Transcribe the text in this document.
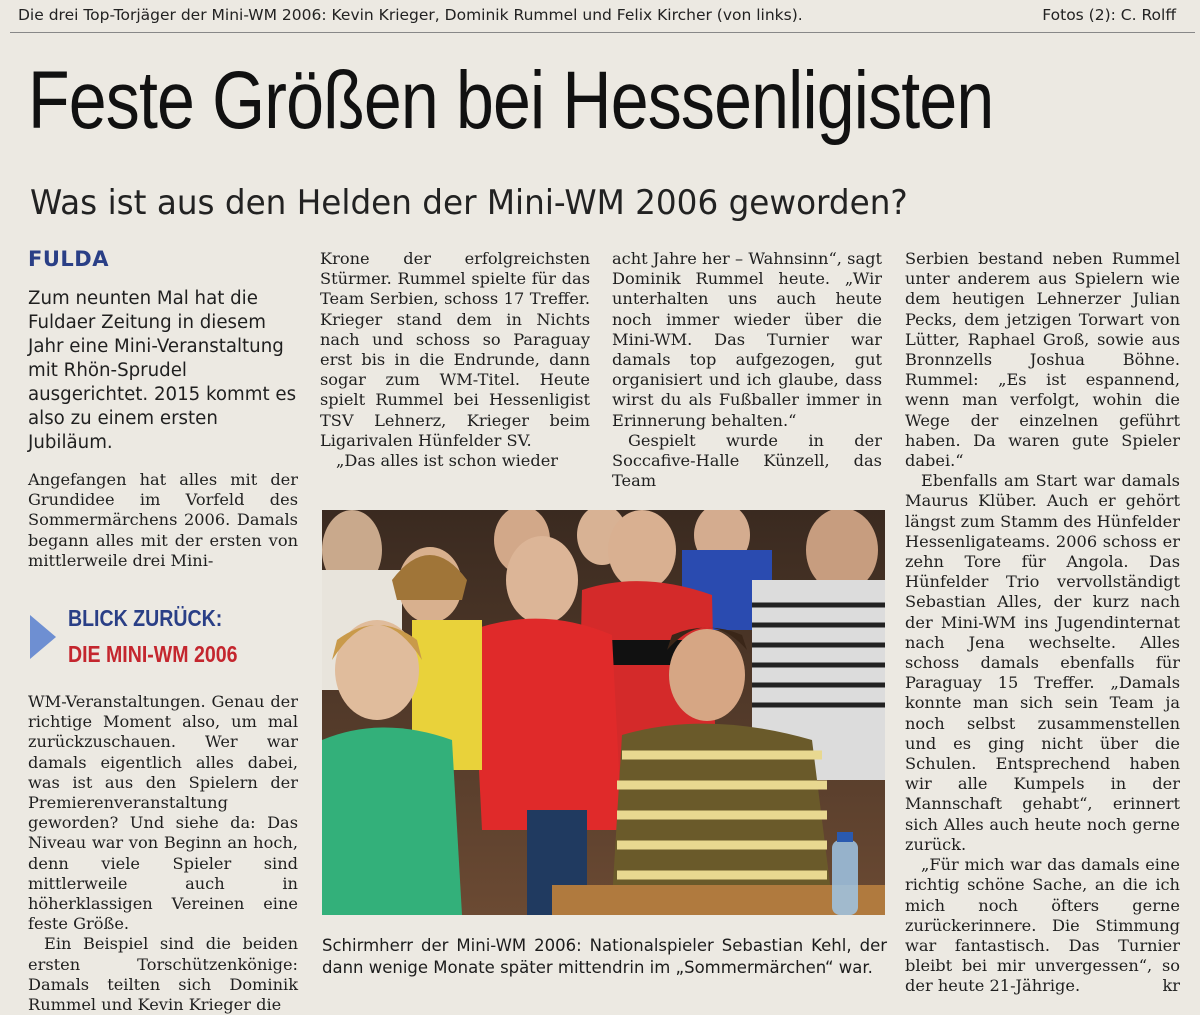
Die drei Top-Torjäger der Mini-WM 2006: Kevin Krieger, Dominik Rummel und Felix Kircher (von links).	Fotos (2): C. Rolff
Feste Größen bei Hessenligisten
Was ist aus den Helden der Mini-WM 2006 geworden?
FULDA

Zum neunten Mal hat die Fuldaer Zeitung in diesem Jahr eine Mini-Veranstaltung mit Rhön-Sprudel ausgerichtet. 2015 kommt es also zu einem ersten Jubiläum.

Angefangen hat alles mit der Grundidee im Vorfeld des Sommermärchens 2006. Damals begann alles mit der ersten von mittlerweile drei Mini-

BLICK ZURÜCK:
DIE MINI-WM 2006

WM-Veranstaltungen. Genau der richtige Moment also, um mal zurückzuschauen. Wer war damals eigentlich alles dabei, was ist aus den Spielern der Premierenveranstaltung geworden? Und siehe da: Das Niveau war von Beginn an hoch, denn viele Spieler sind mittlerweile auch in höherklassigen Vereinen eine feste Größe.

Ein Beispiel sind die beiden ersten Torschützenkönige: Damals teilten sich Dominik Rummel und Kevin Krieger die

Krone der erfolgreichsten Stürmer. Rummel spielte für das Team Serbien, schoss 17 Treffer. Krieger stand dem in Nichts nach und schoss so Paraguay erst bis in die Endrunde, dann sogar zum WM-Titel. Heute spielt Rummel bei Hessenligist TSV Lehnerz, Krieger beim Ligarivalen Hünfelder SV.

„Das alles ist schon wieder

acht Jahre her – Wahnsinn“, sagt Dominik Rummel heute. „Wir unterhalten uns auch heute noch immer wieder über die Mini-WM. Das Turnier war damals top aufgezogen, gut organisiert und ich glaube, dass wirst du als Fußballer immer in Erinnerung behalten.“

Gespielt wurde in der Soccafive-Halle Künzell, das Team

Serbien bestand neben Rummel unter anderem aus Spielern wie dem heutigen Lehnerzer Julian Pecks, dem jetzigen Torwart von Lütter, Raphael Groß, sowie aus Bronnzells Joshua Böhne. Rummel: „Es ist espannend, wenn man verfolgt, wohin die Wege der einzelnen geführt haben. Da waren gute Spieler dabei.“

Ebenfalls am Start war damals Maurus Klüber. Auch er gehört längst zum Stamm des Hünfelder Hessenligateams. 2006 schoss er zehn Tore für Angola. Das Hünfelder Trio vervollständigt Sebastian Alles, der kurz nach der Mini-WM ins Jugendinternat nach Jena wechselte. Alles schoss damals ebenfalls für Paraguay 15 Treffer. „Damals konnte man sich sein Team ja noch selbst zusammenstellen und es ging nicht über die Schulen. Entsprechend haben wir alle Kumpels in der Mannschaft gehabt“, erinnert sich Alles auch heute noch gerne zurück.

„Für mich war das damals eine richtig schöne Sache, an die ich mich noch öfters gerne zurückerinnere. Die Stimmung war fantastisch. Das Turnier bleibt bei mir unvergessen“, so der heute 21-Jährige.	kr

Schirmherr der Mini-WM 2006: Nationalspieler Sebastian Kehl, der dann wenige Monate später mittendrin im „Sommermärchen“ war.
